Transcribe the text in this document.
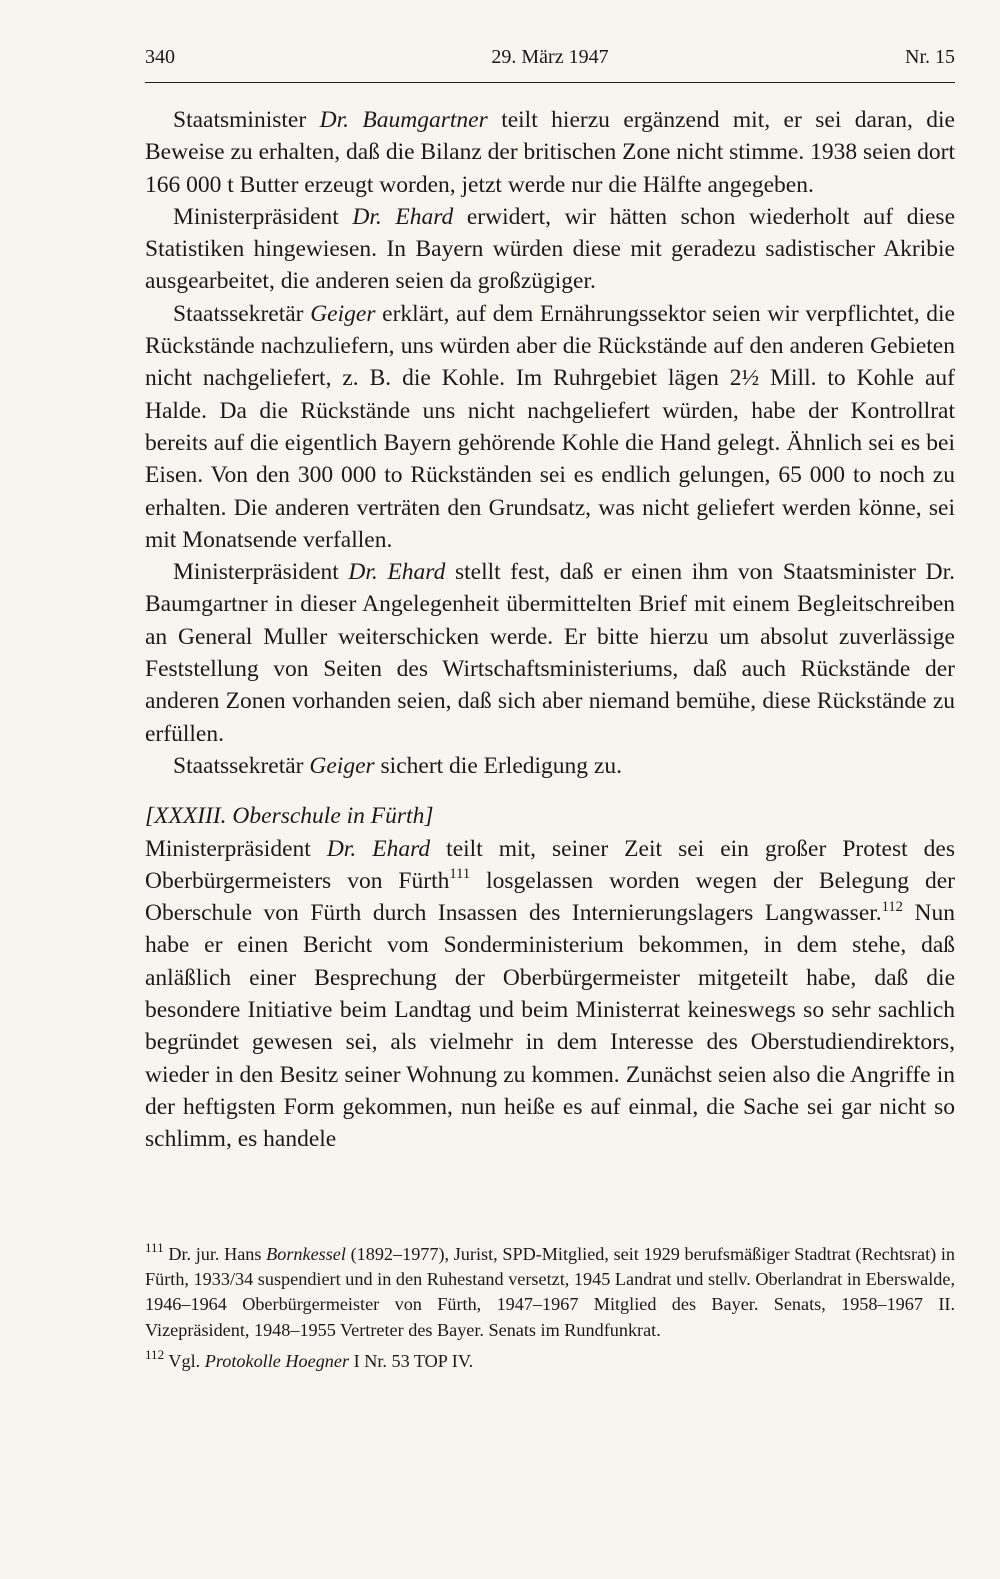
29. März 1947
340	Nr. 15

Staatsminister Dr. Baumgartner teilt hierzu ergänzend mit, er sei daran, die Beweise zu erhalten, daß die Bilanz der britischen Zone nicht stimme. 1938 seien dort 166 000 t Butter erzeugt worden, jetzt werde nur die Hälfte angegeben.

Ministerpräsident Dr. Ehard erwidert, wir hätten schon wiederholt auf diese Statistiken hingewiesen. In Bayern würden diese mit geradezu sadistischer Akribie ausgearbeitet, die anderen seien da großzügiger.

Staatssekretär Geiger erklärt, auf dem Ernährungssektor seien wir verpflichtet, die Rückstände nachzuliefern, uns würden aber die Rückstände auf den anderen Gebieten nicht nachgeliefert, z. B. die Kohle. Im Ruhrgebiet lägen 2½ Mill. to Kohle auf Halde. Da die Rückstände uns nicht nachgeliefert würden, habe der Kontrollrat bereits auf die eigentlich Bayern gehörende Kohle die Hand gelegt. Ähnlich sei es bei Eisen. Von den 300 000 to Rückständen sei es endlich gelungen, 65 000 to noch zu erhalten. Die anderen verträten den Grundsatz, was nicht geliefert werden könne, sei mit Monatsende verfallen.

Ministerpräsident Dr. Ehard stellt fest, daß er einen ihm von Staatsminister Dr. Baumgartner in dieser Angelegenheit übermittelten Brief mit einem Begleitschreiben an General Muller weiterschicken werde. Er bitte hierzu um absolut zuverlässige Feststellung von Seiten des Wirtschaftsministeriums, daß auch Rückstände der anderen Zonen vorhanden seien, daß sich aber niemand bemühe, diese Rückstände zu erfüllen.

Staatssekretär Geiger sichert die Erledigung zu.

[XXXIII. Oberschule in Fürth]

Ministerpräsident Dr. Ehard teilt mit, seiner Zeit sei ein großer Protest des Oberbürgermeisters von Fürth$^{111}$ losgelassen worden wegen der Belegung der Oberschule von Fürth durch Insassen des Internierungslagers Langwasser.$^{112}$ Nun habe er einen Bericht vom Sonderministerium bekommen, in dem stehe, daß anläßlich einer Besprechung der Oberbürgermeister mitgeteilt habe, daß die besondere Initiative beim Landtag und beim Ministerrat keineswegs so sehr sachlich begründet gewesen sei, als vielmehr in dem Interesse des Oberstudiendirektors, wieder in den Besitz seiner Wohnung zu kommen. Zunächst seien also die Angriffe in der heftigsten Form gekommen, nun heiße es auf einmal, die Sache sei gar nicht so schlimm, es handele

$^{111}$ Dr. jur. Hans Bornkessel (1892–1977), Jurist, SPD-Mitglied, seit 1929 berufsmäßiger Stadtrat (Rechtsrat) in Fürth, 1933/34 suspendiert und in den Ruhestand versetzt, 1945 Landrat und stellv. Oberlandrat in Eberswalde, 1946–1964 Oberbürgermeister von Fürth, 1947–1967 Mitglied des Bayer. Senats, 1958–1967 II. Vizepräsident, 1948–1955 Vertreter des Bayer. Senats im Rundfunkrat.

$^{112}$ Vgl. Protokolle Hoegner I Nr. 53 TOP IV.
